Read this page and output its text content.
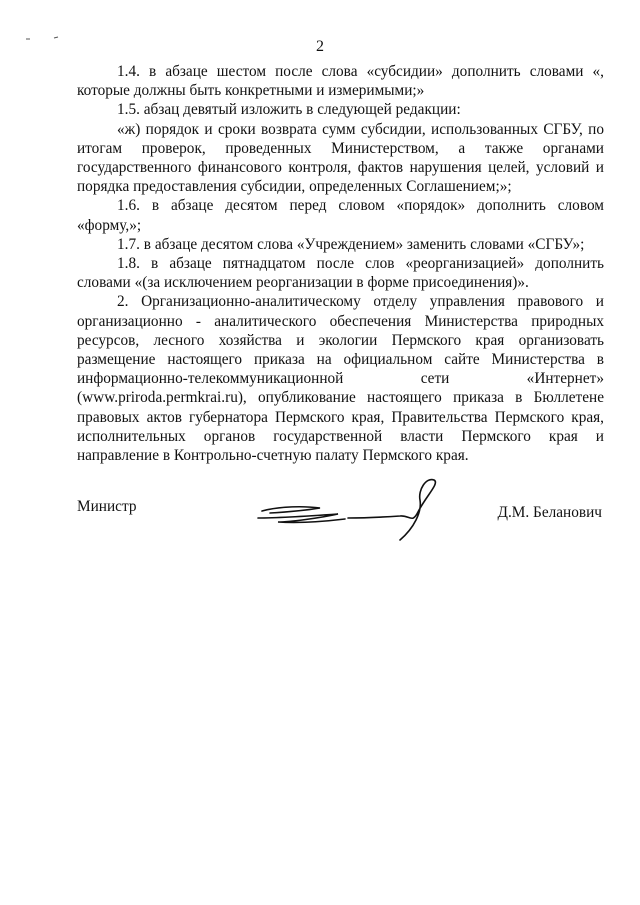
2

1.4. в абзаце шестом после слова «субсидии» дополнить словами «, которые должны быть конкретными и измеримыми;»

1.5. абзац девятый изложить в следующей редакции:

«ж) порядок и сроки возврата сумм субсидии, использованных СГБУ, по итогам проверок, проведенных Министерством, а также органами государственного финансового контроля, фактов нарушения целей, условий и порядка предоставления субсидии, определенных Соглашением;»;

1.6. в абзаце десятом перед словом «порядок» дополнить словом «форму,»;

1.7. в абзаце десятом слова «Учреждением» заменить словами «СГБУ»;

1.8. в абзаце пятнадцатом после слов «реорганизацией» дополнить словами «(за исключением реорганизации в форме присоединения)».

2. Организационно-аналитическому отделу управления правового и организационно - аналитического обеспечения Министерства природных ресурсов, лесного хозяйства и экологии Пермского края организовать размещение настоящего приказа на официальном сайте Министерства в информационно-телекоммуникационной сети «Интернет» (www.priroda.permkrai.ru), опубликование настоящего приказа в Бюллетене правовых актов губернатора Пермского края, Правительства Пермского края, исполнительных органов государственной власти Пермского края и направление в Контрольно-счетную палату Пермского края.

Министр	Д.М. Беланович
